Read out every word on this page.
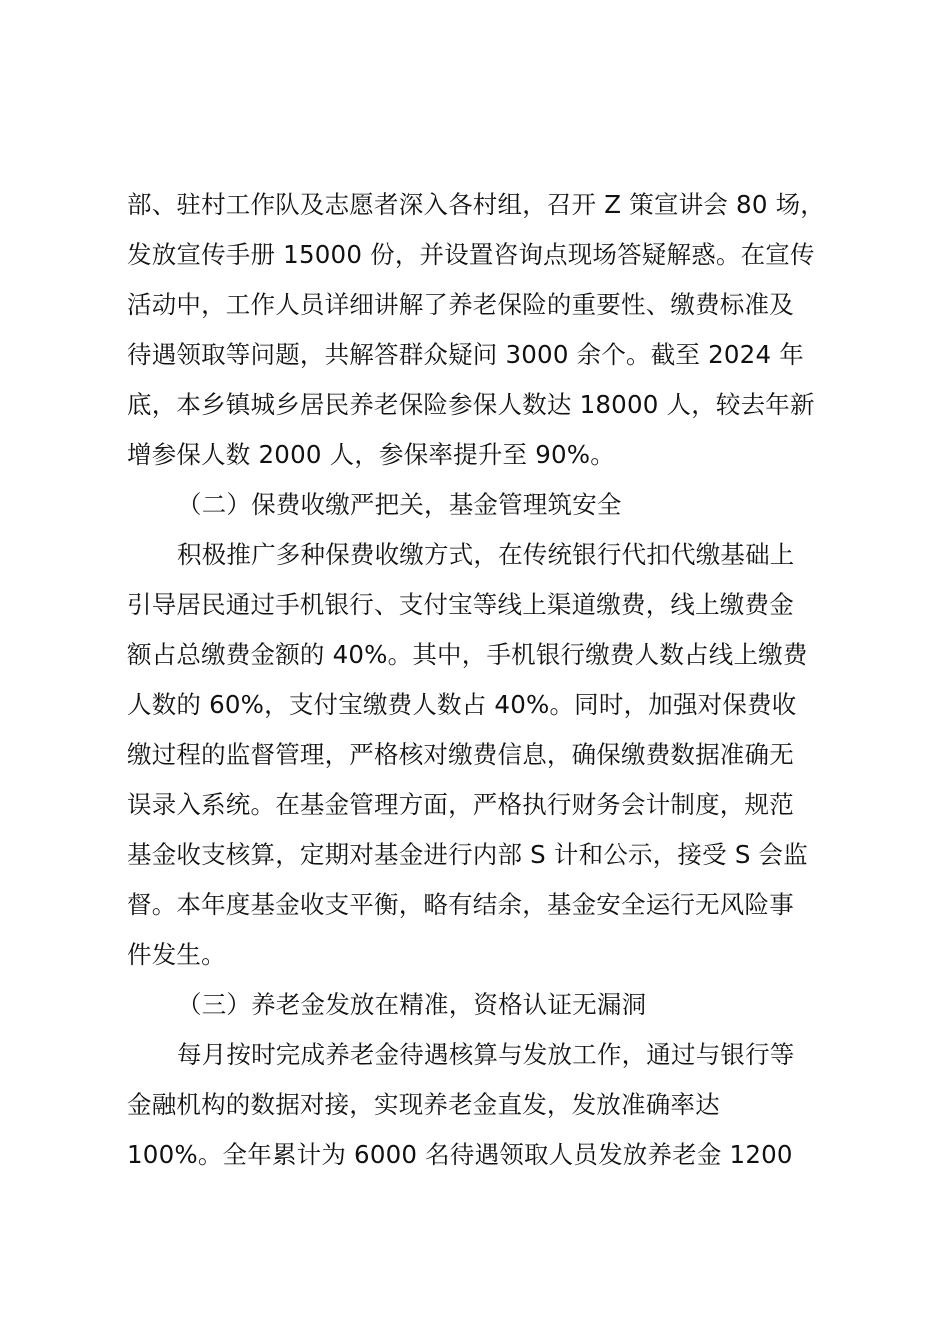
部、驻村工作队及志愿者深入各村组，召开 Z 策宣讲会 80 场，
发放宣传手册 15000 份，并设置咨询点现场答疑解惑。在宣传
活动中，工作人员详细讲解了养老保险的重要性、缴费标准及
待遇领取等问题，共解答群众疑问 3000 余个。截至 2024 年
底，本乡镇城乡居民养老保险参保人数达 18000 人，较去年新
增参保人数 2000 人，参保率提升至 90%。
（二）保费收缴严把关，基金管理筑安全
积极推广多种保费收缴方式，在传统银行代扣代缴基础上
引导居民通过手机银行、支付宝等线上渠道缴费，线上缴费金
额占总缴费金额的 40%。其中，手机银行缴费人数占线上缴费
人数的 60%，支付宝缴费人数占 40%。同时，加强对保费收
缴过程的监督管理，严格核对缴费信息，确保缴费数据准确无
误录入系统。在基金管理方面，严格执行财务会计制度，规范
基金收支核算，定期对基金进行内部 S 计和公示，接受 S 会监
督。本年度基金收支平衡，略有结余，基金安全运行无风险事
件发生。
（三）养老金发放在精准，资格认证无漏洞
每月按时完成养老金待遇核算与发放工作，通过与银行等
金融机构的数据对接，实现养老金直发，发放准确率达
100%。全年累计为 6000 名待遇领取人员发放养老金 1200
